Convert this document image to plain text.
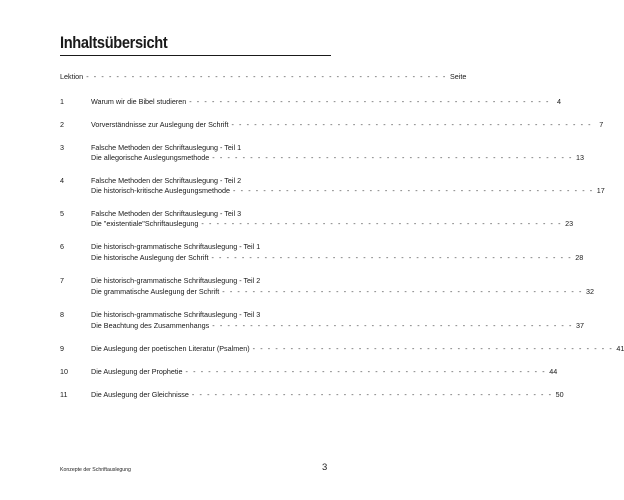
Inhaltsübersicht
Lektion - - - - - - - - - - - - - - - - - - - - - - - - - - - - - - - - - - - - - - - - - - - - - - - - Seite
1	Warum wir die Bibel studieren - - - - - - - - - - - - - - - - - - - - - - - - - - - - - - - - - - - - - - - - - - - - - - - - 4
2	Vorverständnisse zur Auslegung der Schrift - - - - - - - - - - - - - - - - - - - - - - - - - - - - - - - - - - - - - - - - - - - - - - - - 7
3	Falsche Methoden der Schriftauslegung - Teil 1
Die allegorische Auslegungsmethode - - - - - - - - - - - - - - - - - - - - - - - - - - - - - - - - - - - - - - - - - - - - - - - - 13
4	Falsche Methoden der Schriftauslegung - Teil 2
Die historisch-kritische Auslegungsmethode - - - - - - - - - - - - - - - - - - - - - - - - - - - - - - - - - - - - - - - - - - - - - - - - 17
5	Falsche Methoden der Schriftauslegung - Teil 3
Die "existentiale"Schriftauslegung - - - - - - - - - - - - - - - - - - - - - - - - - - - - - - - - - - - - - - - - - - - - - - - - 23
6	Die historisch-grammatische Schriftauslegung - Teil 1
Die historische Auslegung der Schrift - - - - - - - - - - - - - - - - - - - - - - - - - - - - - - - - - - - - - - - - - - - - - - - - 28
7	Die historisch-grammatische Schriftauslegung - Teil 2
Die grammatische Auslegung der Schrift - - - - - - - - - - - - - - - - - - - - - - - - - - - - - - - - - - - - - - - - - - - - - - - - 32
8	Die historisch-grammatische Schriftauslegung - Teil 3
Die Beachtung des Zusammenhangs - - - - - - - - - - - - - - - - - - - - - - - - - - - - - - - - - - - - - - - - - - - - - - - - 37
9	Die Auslegung der poetischen Literatur (Psalmen) - - - - - - - - - - - - - - - - - - - - - - - - - - - - - - - - - - - - - - - - - - - - - - - - 41
10	Die Auslegung der Prophetie - - - - - - - - - - - - - - - - - - - - - - - - - - - - - - - - - - - - - - - - - - - - - - - - 44
11	Die Auslegung der Gleichnisse - - - - - - - - - - - - - - - - - - - - - - - - - - - - - - - - - - - - - - - - - - - - - - - - 50
Konzepte der Schriftauslegung	3
